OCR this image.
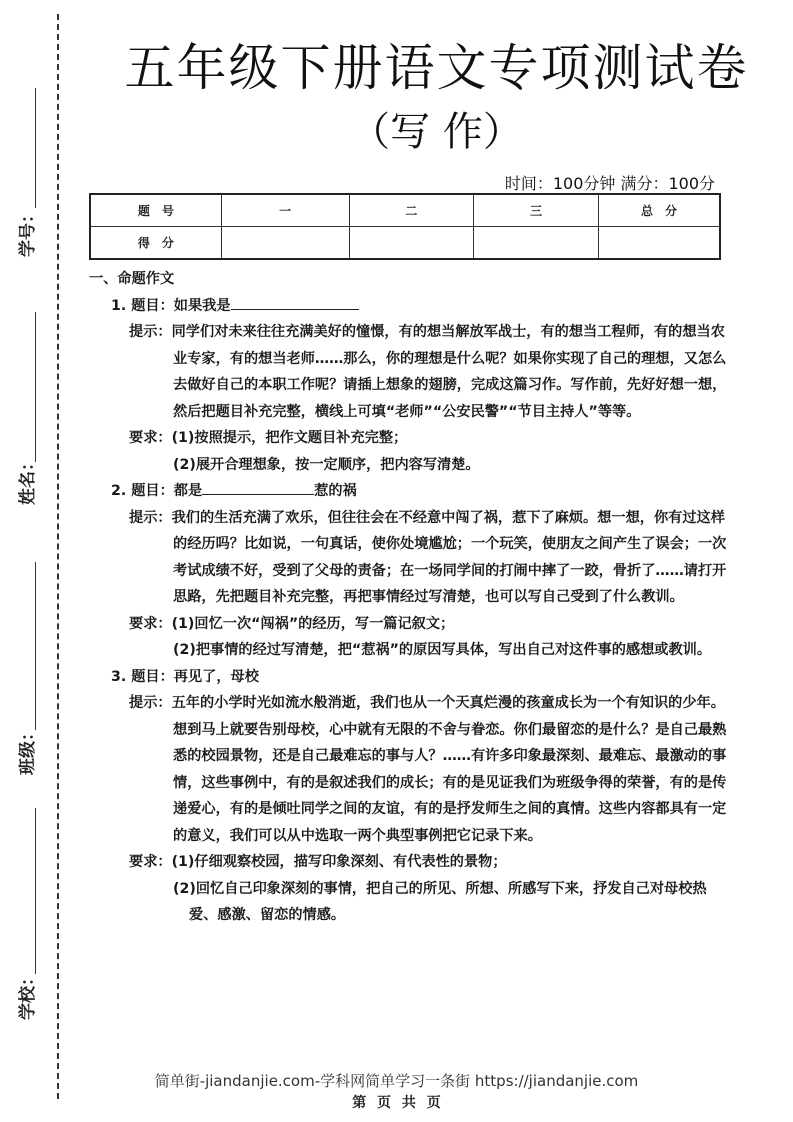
学号：
姓名：
班级：
学校：
五年级下册语文专项测试卷
（写 作）
时间：100分钟 满分：100分
题　号	一	二	三	总　分
得　分				

一、命题作文

1. 题目：如果我是

提示：同学们对未来往往充满美好的憧憬，有的想当解放军战士，有的想当工程师，有的想当农业专家，有的想当老师……那么，你的理想是什么呢？如果你实现了自己的理想，又怎么去做好自己的本职工作呢？请插上想象的翅膀，完成这篇习作。写作前，先好好想一想，然后把题目补充完整，横线上可填“老师”“公安民警”“节目主持人”等等。

要求：(1)按照提示，把作文题目补充完整；

(2)展开合理想象，按一定顺序，把内容写清楚。

2. 题目：都是	惹的祸

提示：我们的生活充满了欢乐，但往往会在不经意中闯了祸，惹下了麻烦。想一想，你有过这样的经历吗？比如说，一句真话，使你处境尴尬；一个玩笑，使朋友之间产生了误会；一次考试成绩不好，受到了父母的责备；在一场同学间的打闹中摔了一跤，骨折了……请打开思路，先把题目补充完整，再把事情经过写清楚，也可以写自己受到了什么教训。

要求：(1)回忆一次“闯祸”的经历，写一篇记叙文；

(2)把事情的经过写清楚，把“惹祸”的原因写具体，写出自己对这件事的感想或教训。

3. 题目：再见了，母校

提示：五年的小学时光如流水般消逝，我们也从一个天真烂漫的孩童成长为一个有知识的少年。想到马上就要告别母校，心中就有无限的不舍与眷恋。你们最留恋的是什么？是自己最熟悉的校园景物，还是自己最难忘的事与人？……有许多印象最深刻、最难忘、最激动的事情，这些事例中，有的是叙述我们的成长；有的是见证我们为班级争得的荣誉，有的是传递爱心，有的是倾吐同学之间的友谊，有的是抒发师生之间的真情。这些内容都具有一定的意义，我们可以从中选取一两个典型事例把它记录下来。

要求：(1)仔细观察校园，描写印象深刻、有代表性的景物；

(2)回忆自己印象深刻的事情，把自己的所见、所想、所感写下来，抒发自己对母校热爱、感激、留恋的情感。

简单街-jiandanjie.com-学科网简单学习一条街 https://jiandanjie.com
第 页 共 页
